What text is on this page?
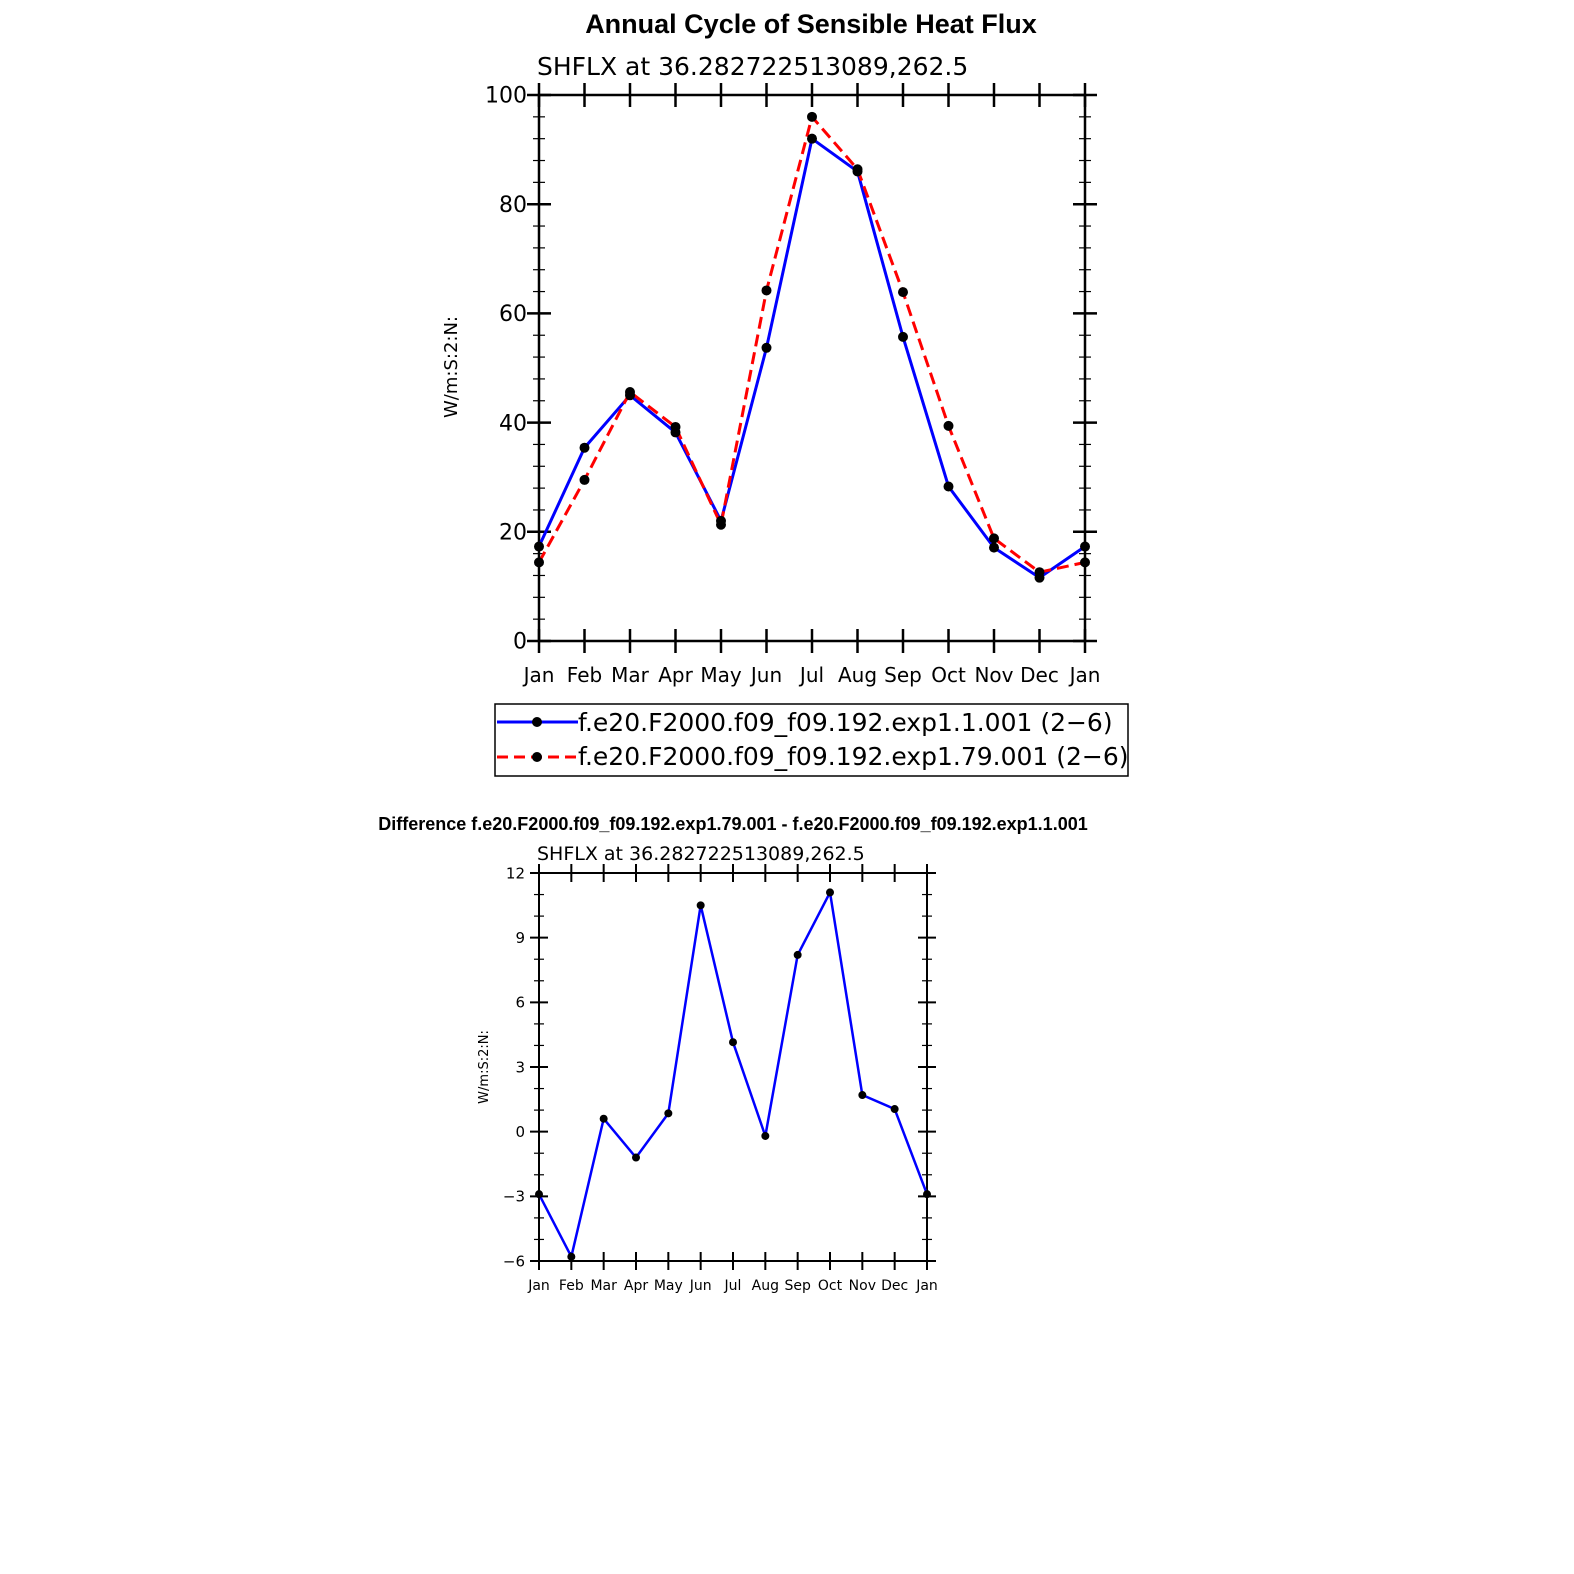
Annual Cycle of Sensible Heat Flux
SHFLX at 36.282722513089,262.5
W/m:S:2:N:
Jan Feb Mar Apr May Jun Jul Aug Sep Oct Nov Dec Jan
0
20
40
60
80
100
f.e20.F2000.f09_f09.192.exp1.1.001 (2−6)
f.e20.F2000.f09_f09.192.exp1.79.001 (2−6)
Difference f.e20.F2000.f09_f09.192.exp1.79.001 - f.e20.F2000.f09_f09.192.exp1.1.001
SHFLX at 36.282722513089,262.5
W/m:S:2:N:
Jan Feb Mar Apr May Jun Jul Aug Sep Oct Nov Dec Jan
−6
−3
0
3
6
9
12
